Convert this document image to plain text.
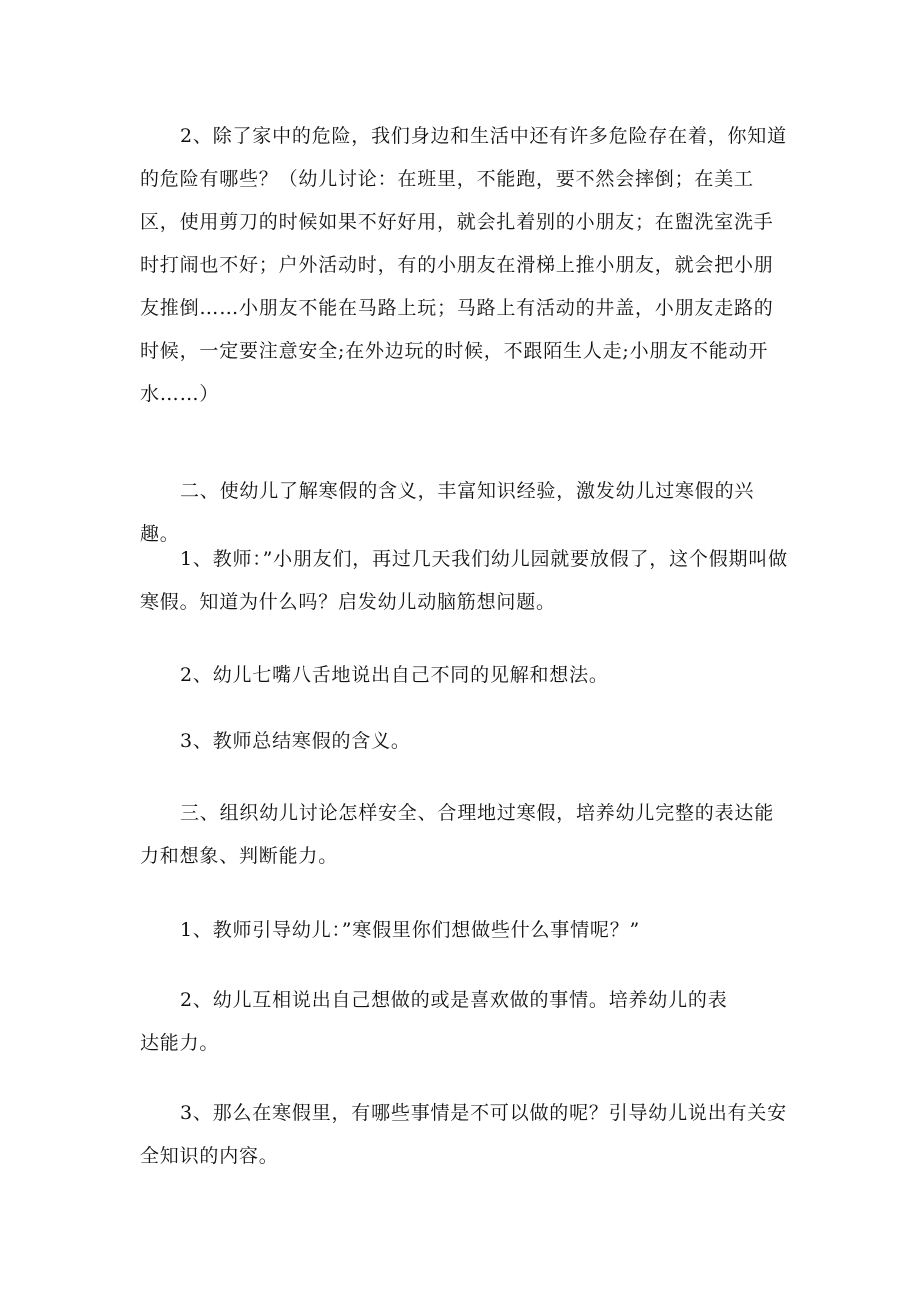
2、除了家中的危险，我们身边和生活中还有许多危险存在着，你知道的危险有哪些？（幼儿讨论：在班里，不能跑，要不然会摔倒；在美工区，使用剪刀的时候如果不好好用，就会扎着别的小朋友；在盥洗室洗手时打闹也不好；户外活动时，有的小朋友在滑梯上推小朋友，就会把小朋友推倒……小朋友不能在马路上玩；马路上有活动的井盖，小朋友走路的时候，一定要注意安全;在外边玩的时候，不跟陌生人走;小朋友不能动开水……）

二、使幼儿了解寒假的含义，丰富知识经验，激发幼儿过寒假的兴趣。

1、教师：”小朋友们，再过几天我们幼儿园就要放假了，这个假期叫做寒假。知道为什么吗？启发幼儿动脑筋想问题。

2、幼儿七嘴八舌地说出自己不同的见解和想法。

3、教师总结寒假的含义。

三、组织幼儿讨论怎样安全、合理地过寒假，培养幼儿完整的表达能力和想象、判断能力。

1、教师引导幼儿：”寒假里你们想做些什么事情呢？”

2、幼儿互相说出自己想做的或是喜欢做的事情。培养幼儿的表
达能力。

3、那么在寒假里，有哪些事情是不可以做的呢？引导幼儿说出有关安全知识的内容。
